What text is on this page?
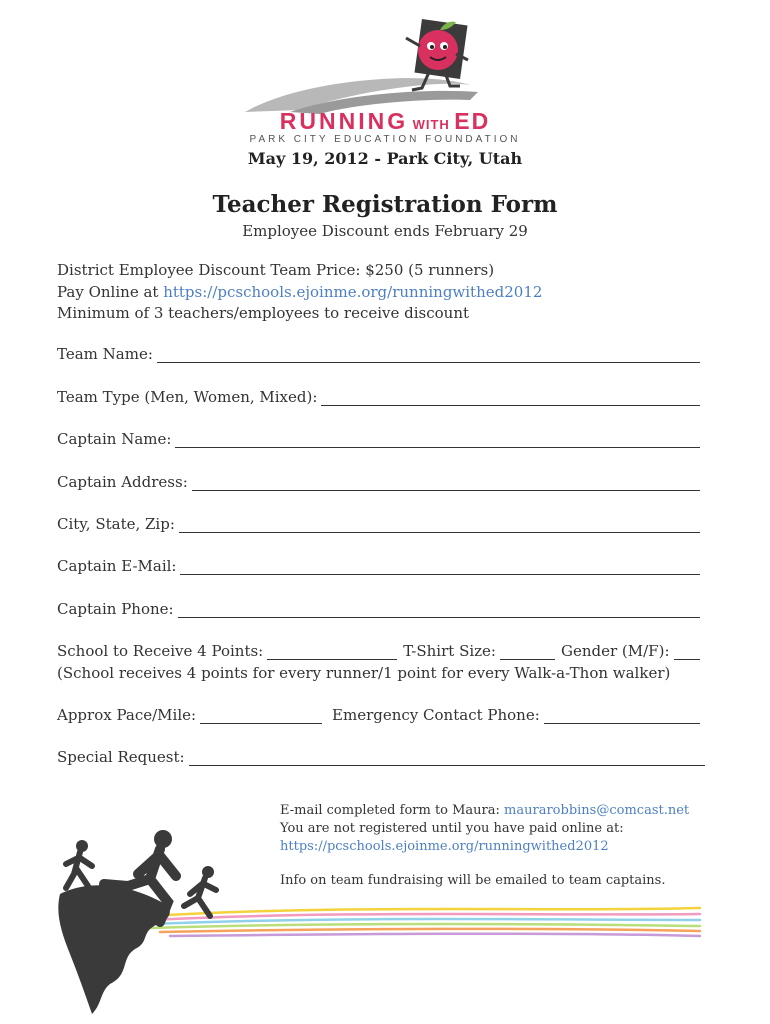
RUNNING WITH ED
PARK CITY EDUCATION FOUNDATION
May 19, 2012 - Park City, Utah
Teacher Registration Form
Employee Discount ends February 29
District Employee Discount Team Price: $250 (5 runners)
Pay Online at https://pcschools.ejoinme.org/runningwithed2012
Minimum of 3 teachers/employees to receive discount
Team Name:
Team Type (Men, Women, Mixed):
Captain Name:
Captain Address:
City, State, Zip:
Captain E-Mail:
Captain Phone:
School to Receive 4 Points:	T-Shirt Size:	Gender (M/F):
(School receives 4 points for every runner/1 point for every Walk-a-Thon walker)
Approx Pace/Mile:	Emergency Contact Phone:
Special Request:
E-mail completed form to Maura: maurarobbins@comcast.net
You are not registered until you have paid online at:
https://pcschools.ejoinme.org/runningwithed2012
Info on team fundraising will be emailed to team captains.
